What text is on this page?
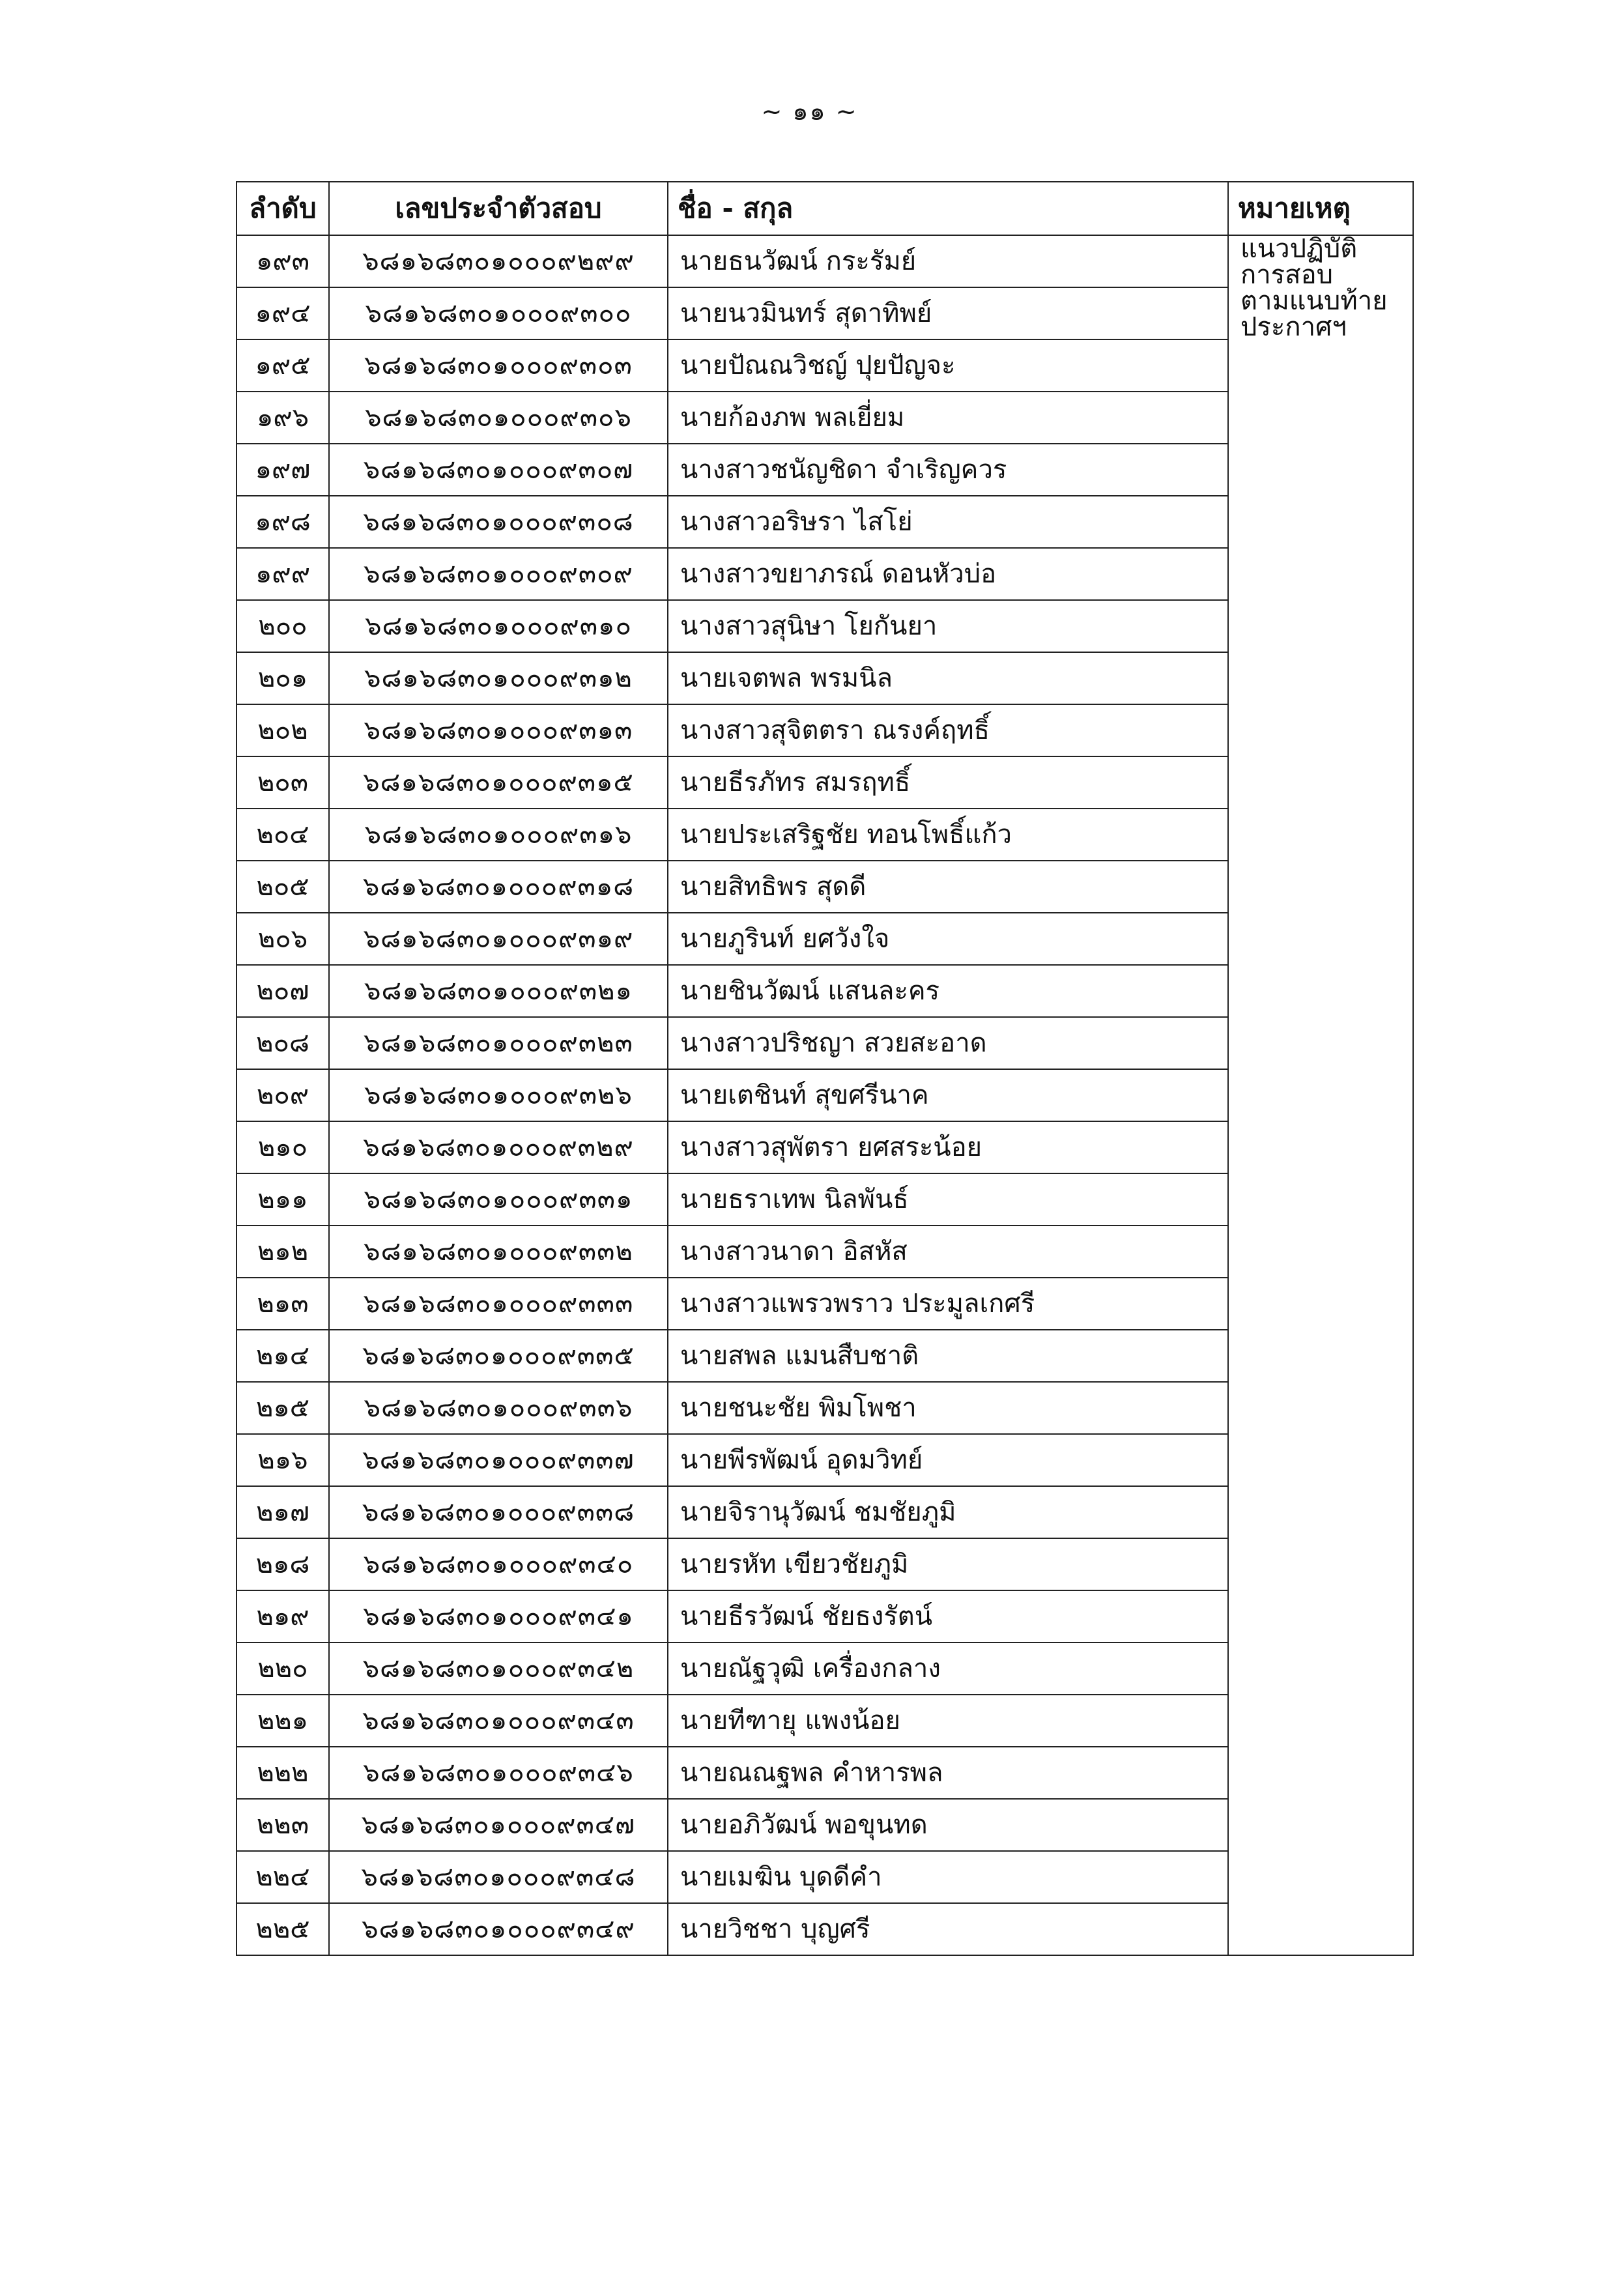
~ ๑๑ ~
ลำดับ	เลขประจำตัวสอบ	ชื่อ - สกุล	หมายเหตุ
๑๙๓	๖๘๑๖๘๓๐๑๐๐๐๙๒๙๙	นายธนวัฒน์ กระรัมย์	แนวปฏิบัติ
การสอบ
ตามแนบท้าย
ประกาศฯ

๑๙๔	๖๘๑๖๘๓๐๑๐๐๐๙๓๐๐	นายนวมินทร์ สุดาทิพย์	
๑๙๕	๖๘๑๖๘๓๐๑๐๐๐๙๓๐๓	นายปัณณวิชญ์ ปุยปัญจะ	
๑๙๖	๖๘๑๖๘๓๐๑๐๐๐๙๓๐๖	นายก้องภพ พลเยี่ยม	
๑๙๗	๖๘๑๖๘๓๐๑๐๐๐๙๓๐๗	นางสาวชนัญชิดา จำเริญควร	
๑๙๘	๖๘๑๖๘๓๐๑๐๐๐๙๓๐๘	นางสาวอริษรา ไสโย่	
๑๙๙	๖๘๑๖๘๓๐๑๐๐๐๙๓๐๙	นางสาวขยาภรณ์ ดอนหัวบ่อ	
๒๐๐	๖๘๑๖๘๓๐๑๐๐๐๙๓๑๐	นางสาวสุนิษา โยกันยา	
๒๐๑	๖๘๑๖๘๓๐๑๐๐๐๙๓๑๒	นายเจตพล พรมนิล	
๒๐๒	๖๘๑๖๘๓๐๑๐๐๐๙๓๑๓	นางสาวสุจิตตรา ณรงค์ฤทธิ์	
๒๐๓	๖๘๑๖๘๓๐๑๐๐๐๙๓๑๕	นายธีรภัทร สมรฤทธิ์	
๒๐๔	๖๘๑๖๘๓๐๑๐๐๐๙๓๑๖	นายประเสริฐชัย ทอนโพธิ์แก้ว	
๒๐๕	๖๘๑๖๘๓๐๑๐๐๐๙๓๑๘	นายสิทธิพร สุดดี	
๒๐๖	๖๘๑๖๘๓๐๑๐๐๐๙๓๑๙	นายภูรินท์ ยศวังใจ	
๒๐๗	๖๘๑๖๘๓๐๑๐๐๐๙๓๒๑	นายชินวัฒน์ แสนละคร	
๒๐๘	๖๘๑๖๘๓๐๑๐๐๐๙๓๒๓	นางสาวปริชญา สวยสะอาด	
๒๐๙	๖๘๑๖๘๓๐๑๐๐๐๙๓๒๖	นายเตชินท์ สุขศรีนาค	
๒๑๐	๖๘๑๖๘๓๐๑๐๐๐๙๓๒๙	นางสาวสุพัตรา ยศสระน้อย	
๒๑๑	๖๘๑๖๘๓๐๑๐๐๐๙๓๓๑	นายธราเทพ นิลพันธ์	
๒๑๒	๖๘๑๖๘๓๐๑๐๐๐๙๓๓๒	นางสาวนาดา อิสหัส	
๒๑๓	๖๘๑๖๘๓๐๑๐๐๐๙๓๓๓	นางสาวแพรวพราว ประมูลเกศรี	
๒๑๔	๖๘๑๖๘๓๐๑๐๐๐๙๓๓๕	นายสพล แมนสืบชาติ	
๒๑๕	๖๘๑๖๘๓๐๑๐๐๐๙๓๓๖	นายชนะชัย พิมโพชา	
๒๑๖	๖๘๑๖๘๓๐๑๐๐๐๙๓๓๗	นายพีรพัฒน์ อุดมวิทย์	
๒๑๗	๖๘๑๖๘๓๐๑๐๐๐๙๓๓๘	นายจิรานุวัฒน์ ชมชัยภูมิ	
๒๑๘	๖๘๑๖๘๓๐๑๐๐๐๙๓๔๐	นายรหัท เขียวชัยภูมิ	
๒๑๙	๖๘๑๖๘๓๐๑๐๐๐๙๓๔๑	นายธีรวัฒน์ ชัยธงรัตน์	
๒๒๐	๖๘๑๖๘๓๐๑๐๐๐๙๓๔๒	นายณัฐวุฒิ เครื่องกลาง	
๒๒๑	๖๘๑๖๘๓๐๑๐๐๐๙๓๔๓	นายทีฑายุ แพงน้อย	
๒๒๒	๖๘๑๖๘๓๐๑๐๐๐๙๓๔๖	นายณณฐพล คำหารพล	
๒๒๓	๖๘๑๖๘๓๐๑๐๐๐๙๓๔๗	นายอภิวัฒน์ พอขุนทด	
๒๒๔	๖๘๑๖๘๓๐๑๐๐๐๙๓๔๘	นายเมฆิน บุดดีคำ	
๒๒๕	๖๘๑๖๘๓๐๑๐๐๐๙๓๔๙	นายวิชชา บุญศรี	
